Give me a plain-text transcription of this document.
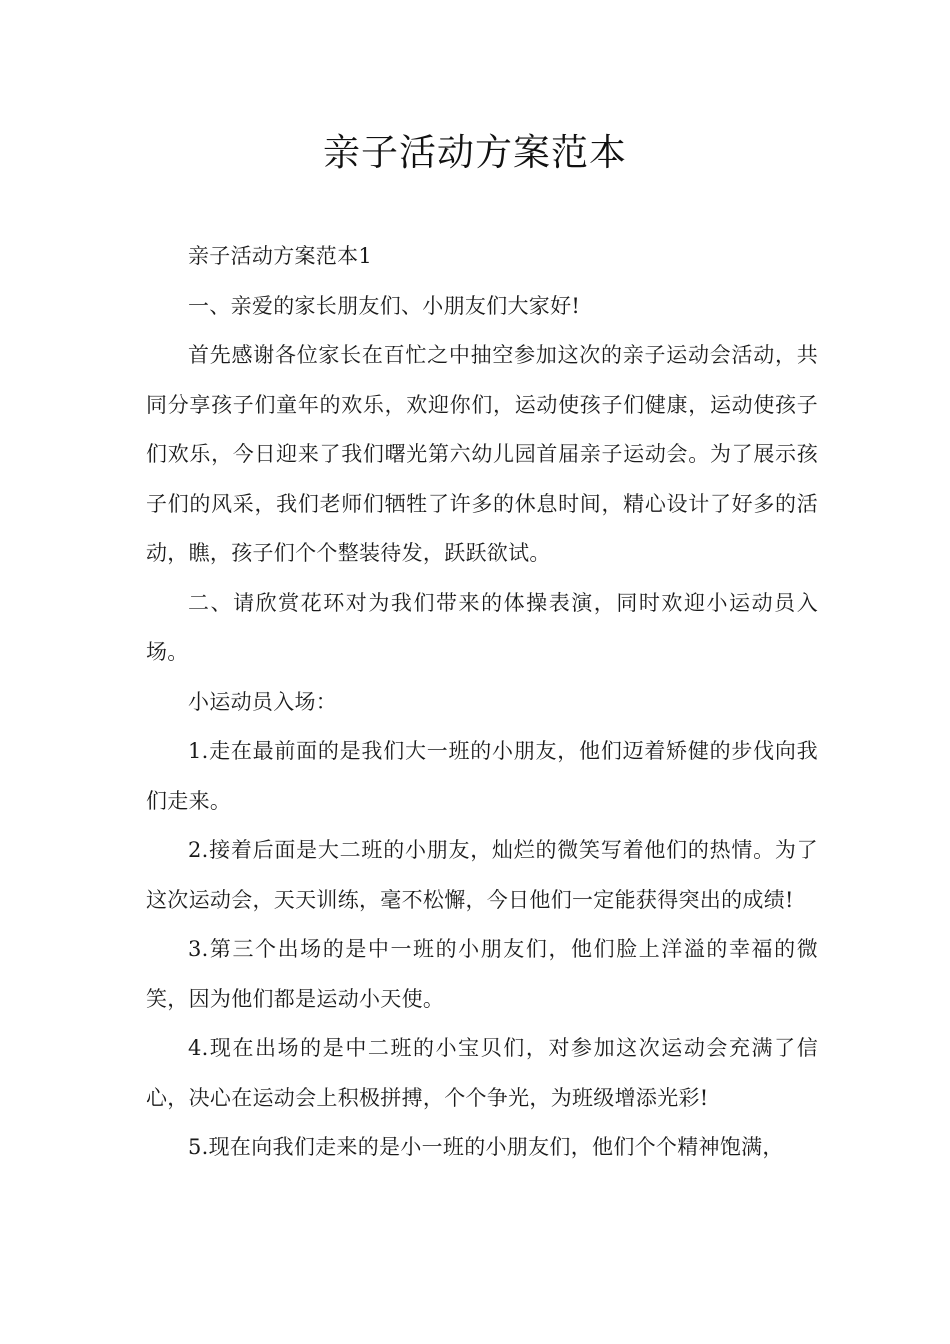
亲子活动方案范本

亲子活动方案范本1

一、亲爱的家长朋友们、小朋友们大家好!

首先感谢各位家长在百忙之中抽空参加这次的亲子运动会活动，共同分享孩子们童年的欢乐，欢迎你们，运动使孩子们健康，运动使孩子们欢乐，今日迎来了我们曙光第六幼儿园首届亲子运动会。为了展示孩子们的风采，我们老师们牺牲了许多的休息时间，精心设计了好多的活动，瞧，孩子们个个整装待发，跃跃欲试。

二、请欣赏花环对为我们带来的体操表演，同时欢迎小运动员入场。

小运动员入场：

1.走在最前面的是我们大一班的小朋友，他们迈着矫健的步伐向我们走来。

2.接着后面是大二班的小朋友，灿烂的微笑写着他们的热情。为了这次运动会，天天训练，毫不松懈，今日他们一定能获得突出的成绩!

3.第三个出场的是中一班的小朋友们，他们脸上洋溢的幸福的微笑，因为他们都是运动小天使。

4.现在出场的是中二班的小宝贝们，对参加这次运动会充满了信心，决心在运动会上积极拼搏，个个争光，为班级增添光彩!

5.现在向我们走来的是小一班的小朋友们，他们个个精神饱满，
